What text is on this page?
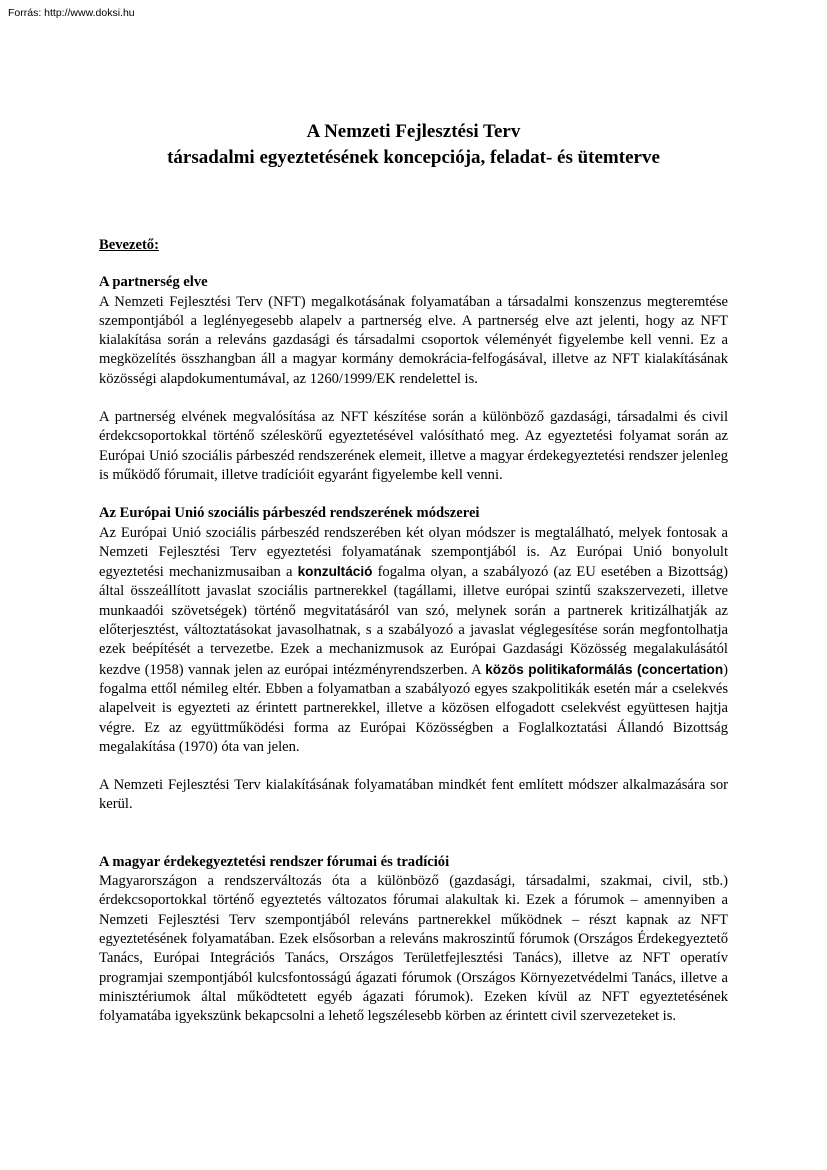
Forrás: http://www.doksi.hu
A Nemzeti Fejlesztési Terv
társadalmi egyeztetésének koncepciója, feladat- és ütemterve
Bevezető:
A partnerség elve

A Nemzeti Fejlesztési Terv (NFT) megalkotásának folyamatában a társadalmi konszenzus megteremtése szempontjából a leglényegesebb alapelv a partnerség elve. A partnerség elve azt jelenti, hogy az NFT kialakítása során a releváns gazdasági és társadalmi csoportok véleményét figyelembe kell venni. Ez a megközelítés összhangban áll a magyar kormány demokrácia-felfogásával, illetve az NFT kialakításának közösségi alapdokumentumával, az 1260/1999/EK rendelettel is.

A partnerség elvének megvalósítása az NFT készítése során a különböző gazdasági, társadalmi és civil érdekcsoportokkal történő széleskörű egyeztetésével valósítható meg. Az egyeztetési folyamat során az Európai Unió szociális párbeszéd rendszerének elemeit, illetve a magyar érdekegyeztetési rendszer jelenleg is működő fórumait, illetve tradícióit egyaránt figyelembe kell venni.

Az Európai Unió szociális párbeszéd rendszerének módszerei

Az Európai Unió szociális párbeszéd rendszerében két olyan módszer is megtalálható, melyek fontosak a Nemzeti Fejlesztési Terv egyeztetési folyamatának szempontjából is. Az Európai Unió bonyolult egyeztetési mechanizmusaiban a konzultáció fogalma olyan, a szabályozó (az EU esetében a Bizottság) által összeállított javaslat szociális partnerekkel (tagállami, illetve európai szintű szakszervezeti, illetve munkaadói szövetségek) történő megvitatásáról van szó, melynek során a partnerek kritizálhatják az előterjesztést, változtatásokat javasolhatnak, s a szabályozó a javaslat véglegesítése során megfontolhatja ezek beépítését a tervezetbe. Ezek a mechanizmusok az Európai Gazdasági Közösség megalakulásától kezdve (1958) vannak jelen az európai intézményrendszerben. A közös politikaformálás (concertation) fogalma ettől némileg eltér. Ebben a folyamatban a szabályozó egyes szakpolitikák esetén már a cselekvés alapelveit is egyezteti az érintett partnerekkel, illetve a közösen elfogadott cselekvést együttesen hajtja végre. Ez az együttműködési forma az Európai Közösségben a Foglalkoztatási Állandó Bizottság megalakítása (1970) óta van jelen.

A Nemzeti Fejlesztési Terv kialakításának folyamatában mindkét fent említett módszer alkalmazására sor kerül.

A magyar érdekegyeztetési rendszer fórumai és tradíciói

Magyarországon a rendszerváltozás óta a különböző (gazdasági, társadalmi, szakmai, civil, stb.) érdekcsoportokkal történő egyeztetés változatos fórumai alakultak ki. Ezek a fórumok – amennyiben a Nemzeti Fejlesztési Terv szempontjából releváns partnerekkel működnek – részt kapnak az NFT egyeztetésének folyamatában. Ezek elsősorban a releváns makroszintű fórumok (Országos Érdekegyeztető Tanács, Európai Integrációs Tanács, Országos Területfejlesztési Tanács), illetve az NFT operatív programjai szempontjából kulcsfontosságú ágazati fórumok (Országos Környezetvédelmi Tanács, illetve a minisztériumok által működtetett egyéb ágazati fórumok). Ezeken kívül az NFT egyeztetésének folyamatába igyekszünk bekapcsolni a lehető legszélesebb körben az érintett civil szervezeteket is.
